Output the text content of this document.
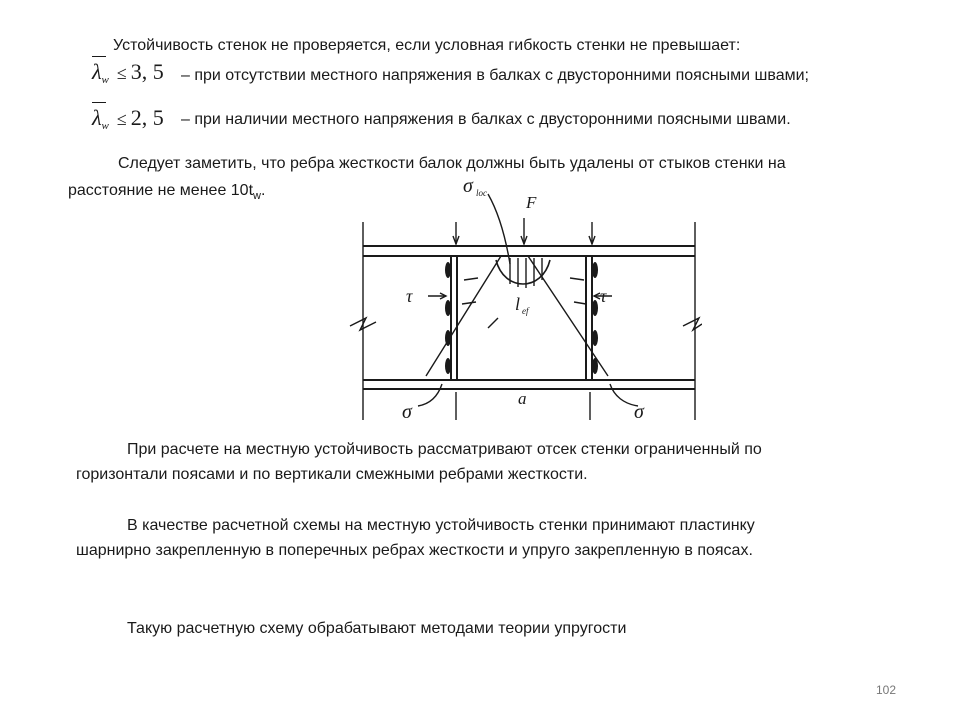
Устойчивость стенок не проверяется, если условная гибкость стенки не превышает:
$\lambda_w \le 3$, 5 – при отсутствии местного напряжения в балках с двусторонними поясными швами;
$\lambda_w \le 2$, 5 – при наличии местного напряжения в балках с двусторонними поясными швами.
Следует заметить, что ребра жесткости балок должны быть удалены от стыков стенки на
расстояние не менее $10t_w$.	σ loc F
τ	τ
l ef
a
σ	σ
При расчете на местную устойчивость рассматривают отсек стенки ограниченный по
горизонтали поясами и по вертикали смежными ребрами жесткости.
В качестве расчетной схемы на местную устойчивость стенки принимают пластинку
шарнирно закрепленную в поперечных ребрах жесткости и упруго закрепленную в поясах.
Такую расчетную схему обрабатывают методами теории упругости
102
